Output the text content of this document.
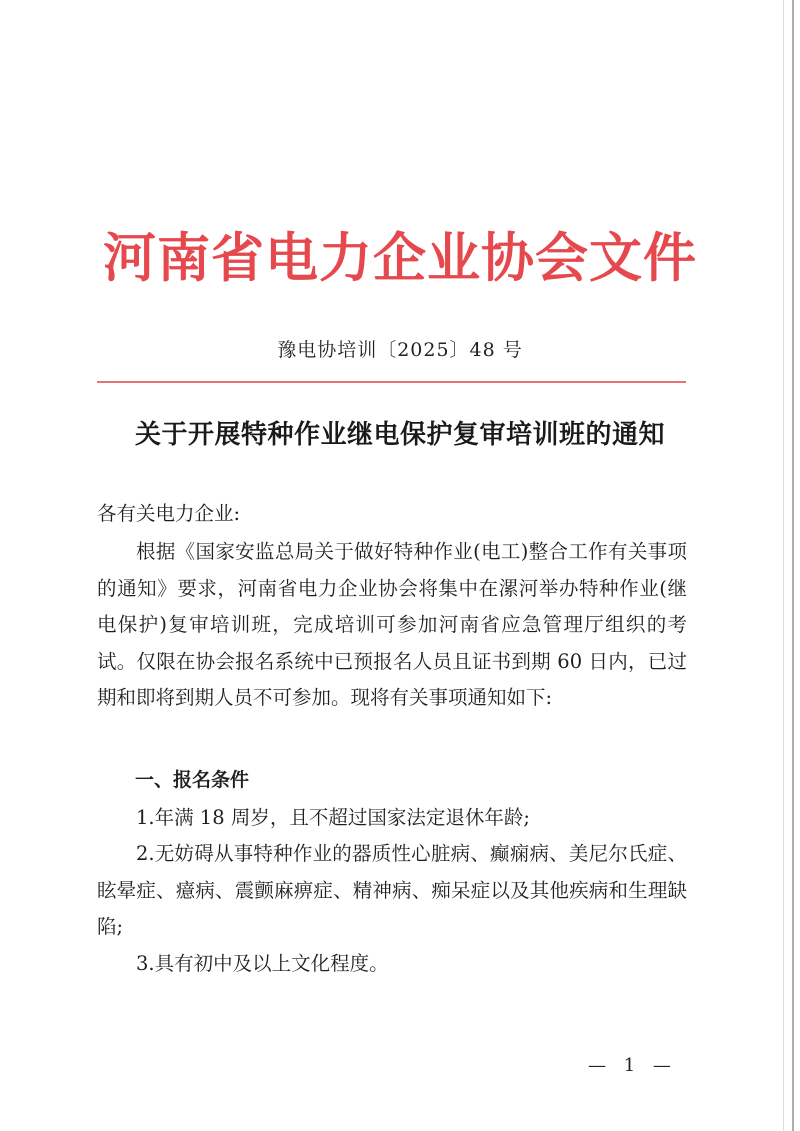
河南省电力企业协会文件
豫电协培训〔2025〕48 号
关于开展特种作业继电保护复审培训班的通知
各有关电力企业:
根据《国家安监总局关于做好特种作业(电工)整合工作有关事项的通知》要求，河南省电力企业协会将集中在漯河举办特种作业(继电保护)复审培训班，完成培训可参加河南省应急管理厅组织的考试。仅限在协会报名系统中已预报名人员且证书到期 60 日内，已过期和即将到期人员不可参加。现将有关事项通知如下:
一、报名条件
1.年满 18 周岁，且不超过国家法定退休年龄;
2.无妨碍从事特种作业的器质性心脏病、癫痫病、美尼尔氏症、眩晕症、癔病、震颤麻痹症、精神病、痴呆症以及其他疾病和生理缺陷;
3.具有初中及以上文化程度。
— 1 —
